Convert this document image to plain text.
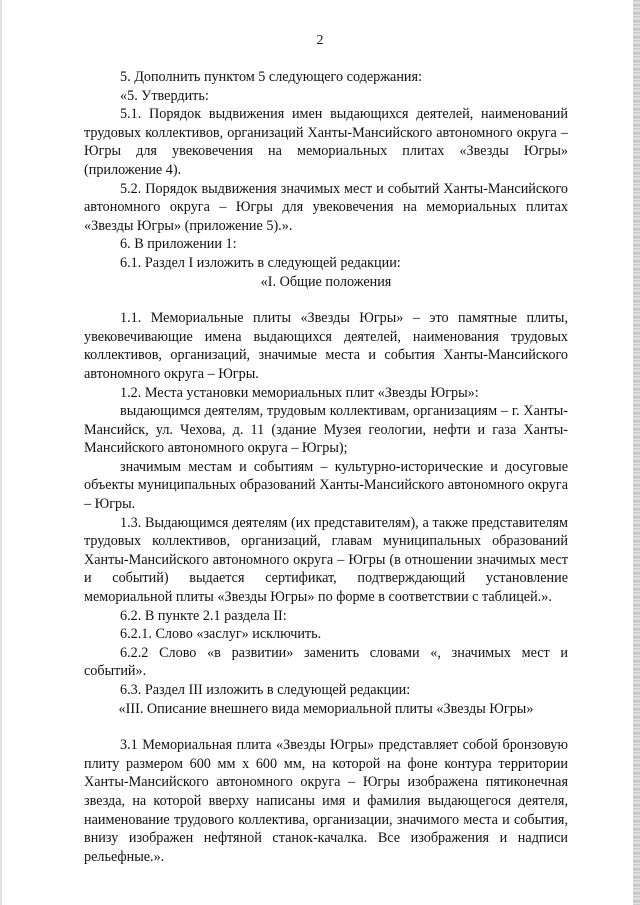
2

5. Дополнить пунктом 5 следующего содержания:

«5. Утвердить:

5.1. Порядок выдвижения имен выдающихся деятелей, наименований трудовых коллективов, организаций Ханты-Мансийского автономного округа – Югры для увековечения на мемориальных плитах «Звезды Югры» (приложение 4).

5.2. Порядок выдвижения значимых мест и событий Ханты-Мансийского автономного округа – Югры для увековечения на мемориальных плитах «Звезды Югры» (приложение 5).».

6. В приложении 1:

6.1. Раздел I изложить в следующей редакции:

«I. Общие положения

1.1. Мемориальные плиты «Звезды Югры» – это памятные плиты, увековечивающие имена выдающихся деятелей, наименования трудовых коллективов, организаций, значимые места и события Ханты-Мансийского автономного округа – Югры.

1.2. Места установки мемориальных плит «Звезды Югры»:

выдающимся деятелям, трудовым коллективам, организациям – г. Ханты-Мансийск, ул. Чехова, д. 11 (здание Музея геологии, нефти и газа Ханты-Мансийского автономного округа – Югры);

значимым местам и событиям – культурно-исторические и досуговые объекты муниципальных образований Ханты-Мансийского автономного округа – Югры.

1.3. Выдающимся деятелям (их представителям), а также представителям трудовых коллективов, организаций, главам муниципальных образований Ханты-Мансийского автономного округа – Югры (в отношении значимых мест и событий) выдается сертификат, подтверждающий установление мемориальной плиты «Звезды Югры» по форме в соответствии с таблицей.».

6.2. В пункте 2.1 раздела II:

6.2.1. Слово «заслуг» исключить.

6.2.2 Слово «в развитии» заменить словами «, значимых мест и событий».

6.3. Раздел III изложить в следующей редакции:

«III. Описание внешнего вида мемориальной плиты «Звезды Югры»

3.1 Мемориальная плита «Звезды Югры» представляет собой бронзовую плиту размером 600 мм х 600 мм, на которой на фоне контура территории Ханты-Мансийского автономного округа – Югры изображена пятиконечная звезда, на которой вверху написаны имя и фамилия выдающегося деятеля, наименование трудового коллектива, организации, значимого места и события, внизу изображен нефтяной станок-качалка. Все изображения и надписи рельефные.».
